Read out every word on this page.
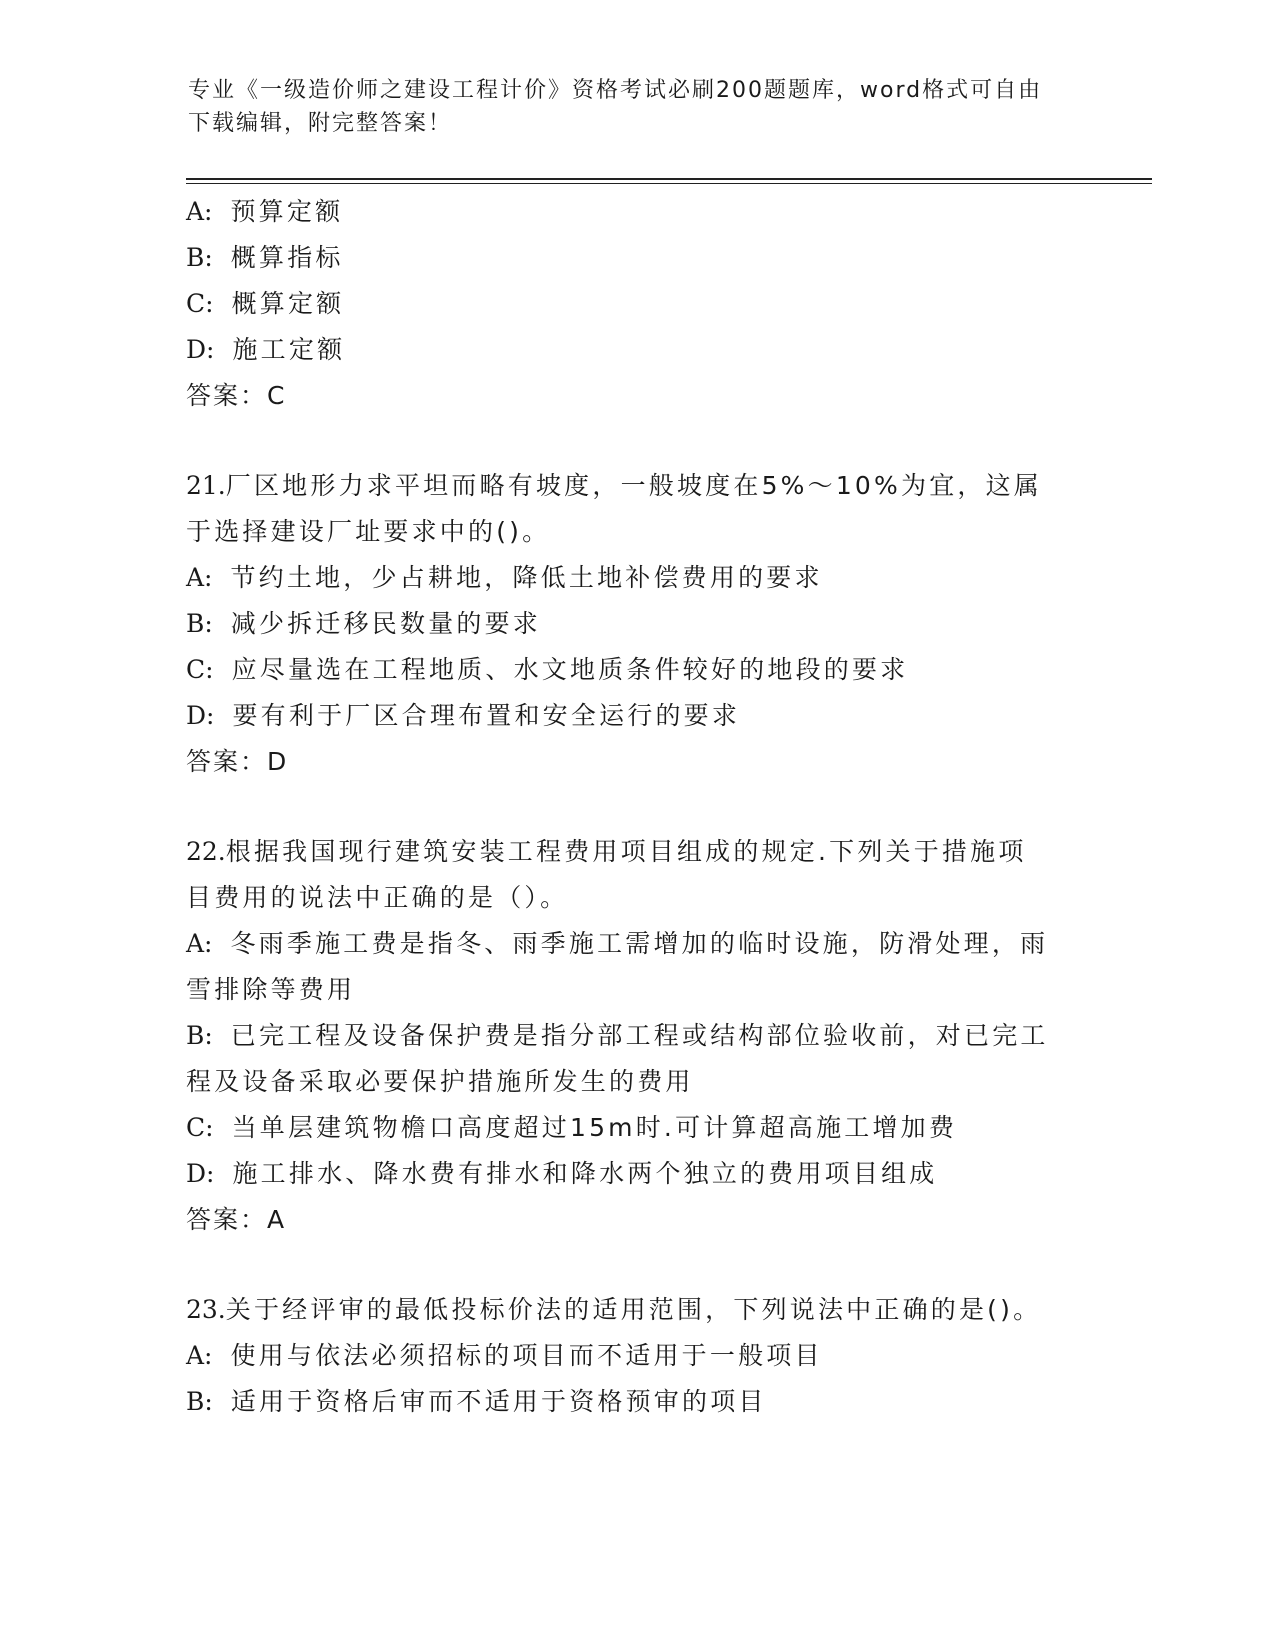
专业《一级造价师之建设工程计价》资格考试必刷200题题库，word格式可自由
下载编辑，附完整答案！
A: 预算定额
B: 概算指标
C: 概算定额
D: 施工定额
答案：C
21.厂区地形力求平坦而略有坡度，一般坡度在5%～10%为宜，这属
于选择建设厂址要求中的()。
A: 节约土地，少占耕地，降低土地补偿费用的要求
B: 减少拆迁移民数量的要求
C: 应尽量选在工程地质、水文地质条件较好的地段的要求
D: 要有利于厂区合理布置和安全运行的要求
答案：D
22.根据我国现行建筑安装工程费用项目组成的规定.下列关于措施项
目费用的说法中正确的是（）。
A: 冬雨季施工费是指冬、雨季施工需增加的临时设施，防滑处理，雨
雪排除等费用
B: 已完工程及设备保护费是指分部工程或结构部位验收前，对已完工
程及设备采取必要保护措施所发生的费用
C: 当单层建筑物檐口高度超过15m时.可计算超高施工增加费
D: 施工排水、降水费有排水和降水两个独立的费用项目组成
答案：A
23.关于经评审的最低投标价法的适用范围，下列说法中正确的是()。
A: 使用与依法必须招标的项目而不适用于一般项目
B: 适用于资格后审而不适用于资格预审的项目
